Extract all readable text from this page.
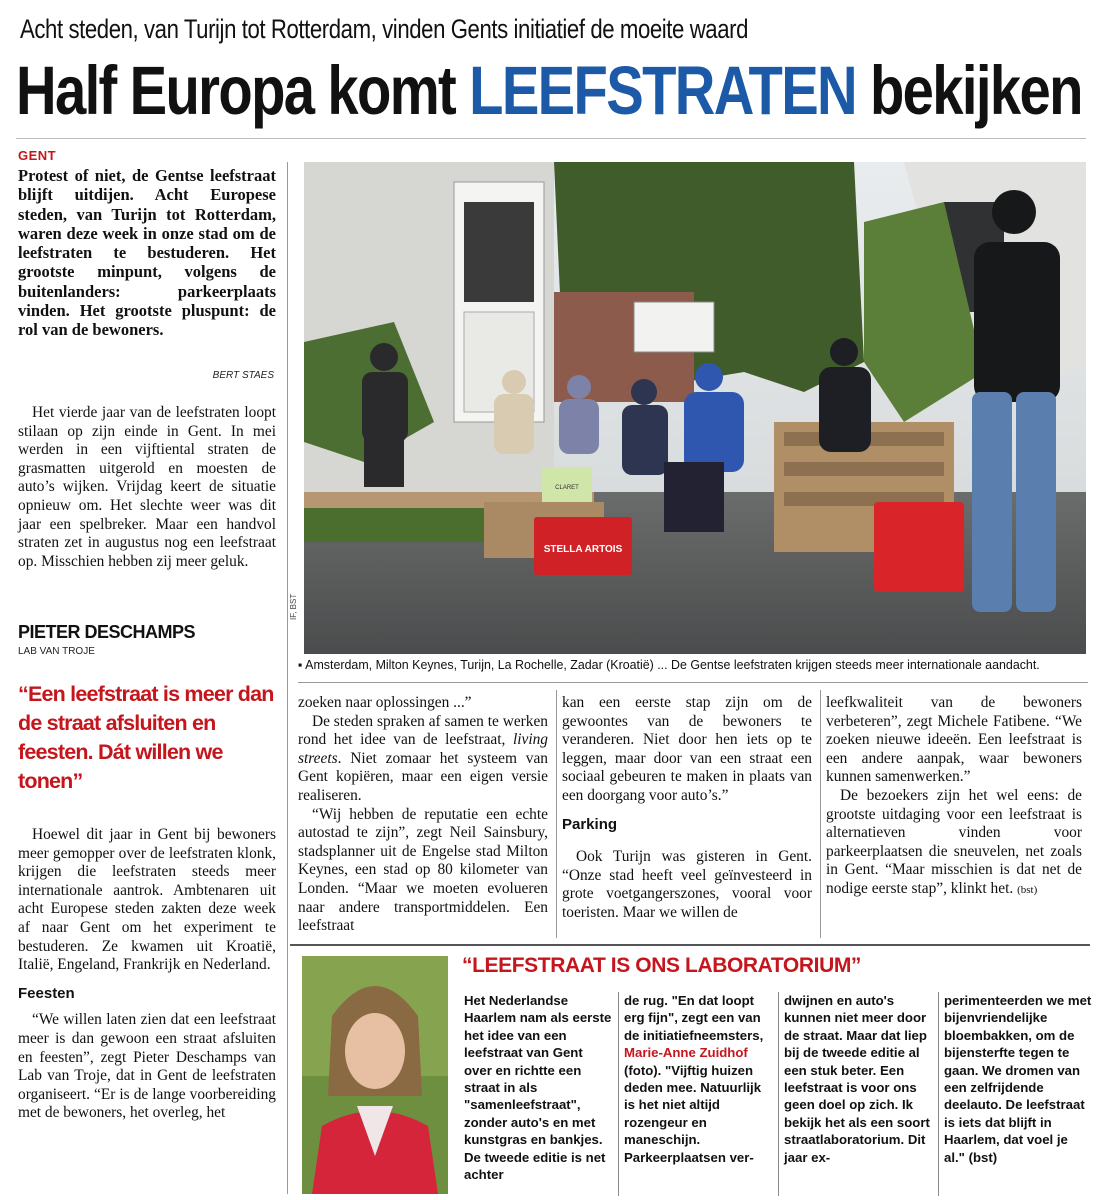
Acht steden, van Turijn tot Rotterdam, vinden Gents initiatief de moeite waard
Half Europa komt LEEFSTRATEN bekijken
GENT
Protest of niet, de Gentse leefstraat blijft uitdijen. Acht Europese steden, van Turijn tot Rotterdam, waren deze week in onze stad om de leefstraten te bestuderen. Het grootste minpunt, volgens de buitenlanders: parkeerplaats vinden. Het grootste pluspunt: de rol van de bewoners.
BERT STAES

Het vierde jaar van de leefstraten loopt stilaan op zijn einde in Gent. In mei werden in een vijftiental straten de grasmatten uitgerold en moesten de auto’s wijken. Vrijdag keert de situatie opnieuw om. Het slechte weer was dit jaar een spelbreker. Maar een handvol straten zet in augustus nog een leefstraat op. Misschien hebben zij meer geluk.

PIETER DESCHAMPS
LAB VAN TROJE
“Een leefstraat is meer dan de straat afsluiten en feesten. Dát willen we tonen”

Hoewel dit jaar in Gent bij bewoners meer gemopper over de leefstraten klonk, krijgen die leefstraten steeds meer internationale aantrok. Ambtenaren uit acht Europese steden zakten deze week af naar Gent om het experiment te bestuderen. Ze kwamen uit Kroatië, Italië, Engeland, Frankrijk en Nederland.

Feesten

“We willen laten zien dat een leefstraat meer is dan gewoon een straat afsluiten en feesten”, zegt Pieter Deschamps van Lab van Troje, dat in Gent de leefstraten organiseert. “Er is de lange voorbereiding met de bewoners, het overleg, het

STELLA ARTOIS
CLARET
IF, BST
▪ Amsterdam, Milton Keynes, Turijn, La Rochelle, Zadar (Kroatië) ... De Gentse leefstraten krijgen steeds meer internationale aandacht.

zoeken naar oplossingen ...”

De steden spraken af samen te werken rond het idee van de leefstraat, living streets. Niet zomaar het systeem van Gent kopiëren, maar een eigen versie realiseren.

“Wij hebben de reputatie een echte autostad te zijn”, zegt Neil Sainsbury, stadsplanner uit de Engelse stad Milton Keynes, een stad op 80 kilometer van Londen. “Maar we moeten evolueren naar andere transportmiddelen. Een leefstraat

kan een eerste stap zijn om de gewoontes van de bewoners te veranderen. Niet door hen iets op te leggen, maar door van een straat een sociaal gebeuren te maken in plaats van een doorgang voor auto’s.”

Parking

Ook Turijn was gisteren in Gent. “Onze stad heeft veel geïnvesteerd in grote voetgangerszones, vooral voor toeristen. Maar we willen de

leefkwaliteit van de bewoners verbeteren”, zegt Michele Fatibene. “We zoeken nieuwe ideeën. Een leefstraat is een andere aanpak, waar bewoners kunnen samenwerken.”

De bezoekers zijn het wel eens: de grootste uitdaging voor een leefstraat is alternatieven vinden voor parkeerplaatsen die sneuvelen, net zoals in Gent. “Maar misschien is dat net de nodige eerste stap”, klinkt het. (bst)

“LEEFSTRAAT IS ONS LABORATORIUM”
Het Nederlandse Haarlem nam als eerste het idee van een leefstraat van Gent over en richtte een straat in als "samenleefstraat", zonder auto's en met kunstgras en bankjes. De tweede editie is net achter
de rug. "En dat loopt erg fijn", zegt een van de initiatiefneemsters, Marie-Anne Zuidhof (foto). "Vijftig huizen deden mee. Natuurlijk is het niet altijd rozengeur en maneschijn. Parkeerplaatsen ver-
dwijnen en auto's kunnen niet meer door de straat. Maar dat liep bij de tweede editie al een stuk beter. Een leefstraat is voor ons geen doel op zich. Ik bekijk het als een soort straatlaboratorium. Dit jaar ex-
perimenteerden we met bijenvriendelijke bloembakken, om de bijensterfte tegen te gaan. We dromen van een zelfrijdende deelauto. De leefstraat is iets dat blijft in Haarlem, dat voel je al." (bst)
